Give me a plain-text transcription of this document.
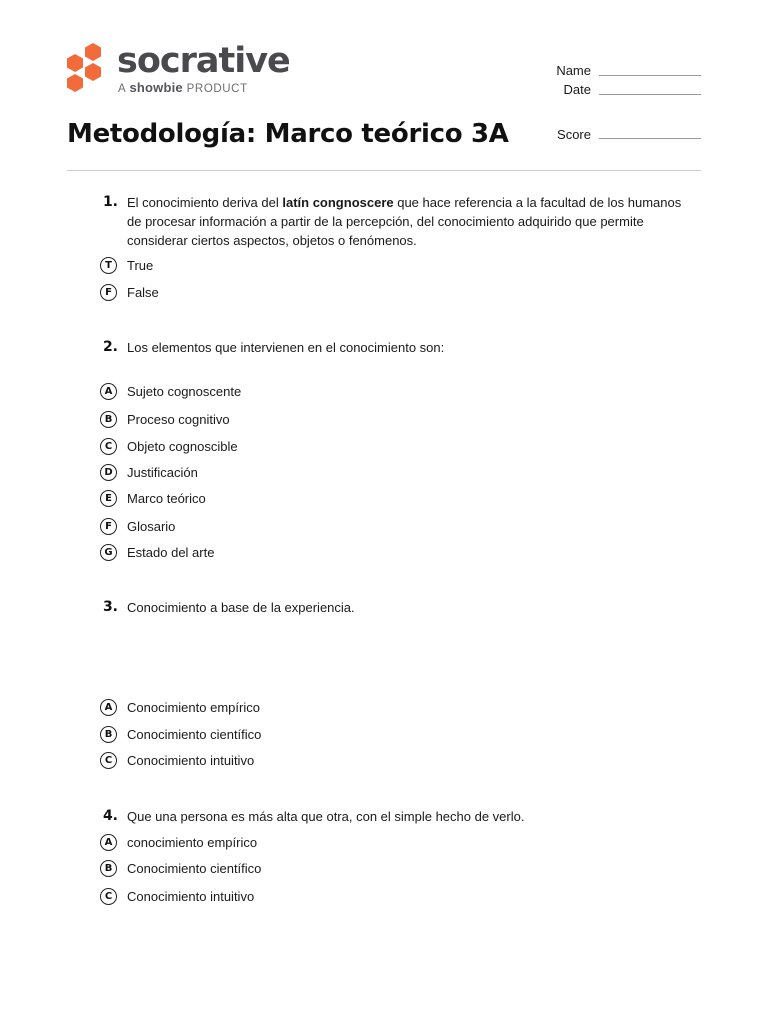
socrative
A showbie PRODUCT
Name
Date
Metodología: Marco teórico 3A	Score
1. El conocimiento deriva del latín congnoscere que hace referencia a la facultad de los humanos de procesar información a partir de la percepción, del conocimiento adquirido que permite considerar ciertos aspectos, objetos o fenómenos.
T	True
F	False
2. Los elementos que intervienen en el conocimiento son:
A	Sujeto cognoscente
B	Proceso cognitivo
C	Objeto cognoscible
D	Justificación
E	Marco teórico
F	Glosario
G	Estado del arte
3. Conocimiento a base de la experiencia.
A	Conocimiento empírico
B	Conocimiento científico
C	Conocimiento intuitivo
4. Que una persona es más alta que otra, con el simple hecho de verlo.
A	conocimiento empírico
B	Conocimiento científico
C	Conocimiento intuitivo
